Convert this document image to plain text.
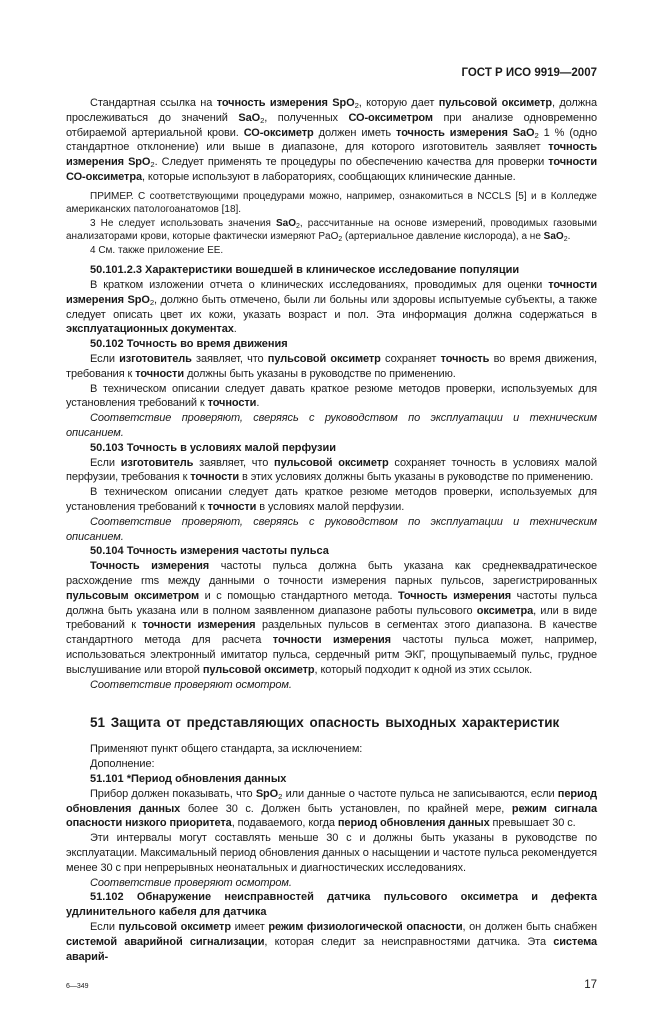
ГОСТ Р ИСО 9919—2007

Стандартная ссылка на точность измерения SpO$_2$, которую дает пульсовой оксиметр, должна прослеживаться до значений SaO$_2$, полученных СО-оксиметром при анализе одновременно отбираемой артериальной крови. СО-оксиметр должен иметь точность измерения SaO$_2$ 1 % (одно стандартное отклонение) или выше в диапазоне, для которого изготовитель заявляет точность измерения SpO$_2$. Следует применять те процедуры по обеспечению качества для проверки точности СО-оксиметра, которые используют в лабораториях, сообщающих клинические данные.

ПРИМЕР. С соответствующими процедурами можно, например, ознакомиться в NCCLS [5] и в Колледже американских патологоанатомов [18].

3 Не следует использовать значения SaO$_2$, рассчитанные на основе измерений, проводимых газовыми анализаторами крови, которые фактически измеряют PaO$_2$ (артериальное давление кислорода), а не SaO$_2$.

4 См. также приложение ЕЕ.

50.101.2.3 Характеристики вошедшей в клиническое исследование популяции

В кратком изложении отчета о клинических исследованиях, проводимых для оценки точности измерения SpO$_2$, должно быть отмечено, были ли больны или здоровы испытуемые субъекты, а также следует описать цвет их кожи, указать возраст и пол. Эта информация должна содержаться в эксплуатационных документах.

50.102 Точность во время движения

Если изготовитель заявляет, что пульсовой оксиметр сохраняет точность во время движения, требования к точности должны быть указаны в руководстве по применению.

В техническом описании следует давать краткое резюме методов проверки, используемых для установления требований к точности.

Соответствие проверяют, сверяясь с руководством по эксплуатации и техническим описанием.

50.103 Точность в условиях малой перфузии

Если изготовитель заявляет, что пульсовой оксиметр сохраняет точность в условиях малой перфузии, требования к точности в этих условиях должны быть указаны в руководстве по применению.

В техническом описании следует дать краткое резюме методов проверки, используемых для установления требований к точности в условиях малой перфузии.

Соответствие проверяют, сверяясь с руководством по эксплуатации и техническим описанием.

50.104 Точность измерения частоты пульса

Точность измерения частоты пульса должна быть указана как среднеквадратическое расхождение rms между данными о точности измерения парных пульсов, зарегистрированных пульсовым оксиметром и с помощью стандартного метода. Точность измерения частоты пульса должна быть указана или в полном заявленном диапазоне работы пульсового оксиметра, или в виде требований к точности измерения раздельных пульсов в сегментах этого диапазона. В качестве стандартного метода для расчета точности измерения частоты пульса может, например, использоваться электронный имитатор пульса, сердечный ритм ЭКГ, прощупываемый пульс, грудное выслушивание или второй пульсовой оксиметр, который подходит к одной из этих ссылок.

Соответствие проверяют осмотром.

51 Защита от представляющих опасность выходных характеристик

Применяют пункт общего стандарта, за исключением:

Дополнение:

51.101 *Период обновления данных

Прибор должен показывать, что SpO$_2$ или данные о частоте пульса не записываются, если период обновления данных более 30 с. Должен быть установлен, по крайней мере, режим сигнала опасности низкого приоритета, подаваемого, когда период обновления данных превышает 30 с.

Эти интервалы могут составлять меньше 30 с и должны быть указаны в руководстве по эксплуатации. Максимальный период обновления данных о насыщении и частоте пульса рекомендуется менее 30 с при непрерывных неонатальных и диагностических исследованиях.

Соответствие проверяют осмотром.

51.102 Обнаружение неисправностей датчика пульсового оксиметра и дефекта удлинительного кабеля для датчика

Если пульсовой оксиметр имеет режим физиологической опасности, он должен быть снабжен системой аварийной сигнализации, которая следит за неисправностями датчика. Эта система аварий-

6—349	17
